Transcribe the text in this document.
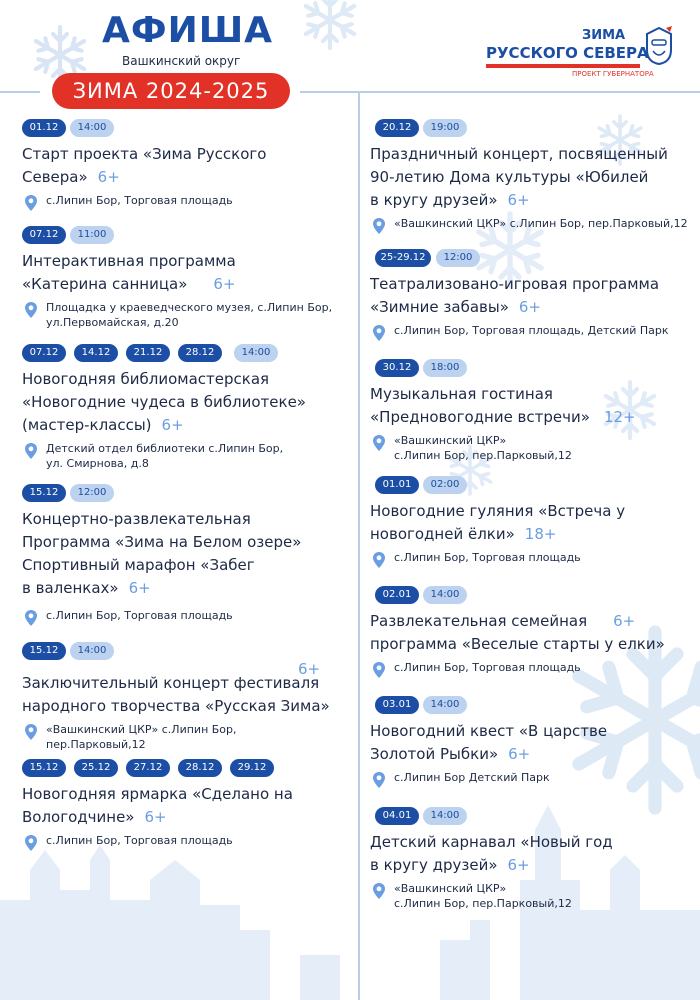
АФИША
Вашкинский округ
ЗИМА 2024-2025
ЗИМА
РУССКОГО СЕВЕРА
ПРОЕКТ ГУБЕРНАТОРА
01.12	14:00
Старт проекта «Зима Русского
Севера» 6+
с.Липин Бор, Торговая площадь
07.12	11:00
Интерактивная программа
«Катерина санница» 6+
Площадка у краеведческого музея, с.Липин Бор,
ул.Первомайская, д.20
07.12	14.12	21.12	28.12	14:00
Новогодняя библиомастерская
«Новогодние чудеса в библиотеке»
(мастер-классы) 6+
Детский отдел библиотеки с.Липин Бор,
ул. Смирнова, д.8
15.12	12:00
Концертно-развлекательная
Программа «Зима на Белом озере»
Спортивный марафон «Забег
в валенках» 6+
с.Липин Бор, Торговая площадь
15.12	14:00
6+
Заключительный концерт фестиваля
народного творчества «Русская Зима»
«Вашкинский ЦКР» с.Липин Бор,
пер.Парковый,12
15.12	25.12	27.12	28.12	29.12
Новогодняя ярмарка «Сделано на
Вологодчине» 6+
с.Липин Бор, Торговая площадь
20.12	19:00
Праздничный концерт, посвященный
90-летию Дома культуры «Юбилей
в кругу друзей» 6+
«Вашкинский ЦКР» с.Липин Бор, пер.Парковый,12
25-29.12	12:00
Театрализовано-игровая программа
«Зимние забавы» 6+
с.Липин Бор, Торговая площадь, Детский Парк
30.12	18:00
Музыкальная гостиная
«Предновогодние встречи» 12+
«Вашкинский ЦКР»
с.Липин Бор, пер.Парковый,12
01.01	02:00
Новогодние гуляния «Встреча у
новогодней ёлки» 18+
с.Липин Бор, Торговая площадь
02.01	14:00
Развлекательная семейная 6+
программа «Веселые старты у елки»
с.Липин Бор, Торговая площадь
03.01	14:00
Новогодний квест «В царстве
Золотой Рыбки» 6+
с.Липин Бор Детский Парк
04.01	14:00
Детский карнавал «Новый год
в кругу друзей» 6+
«Вашкинский ЦКР»
с.Липин Бор, пер.Парковый,12
